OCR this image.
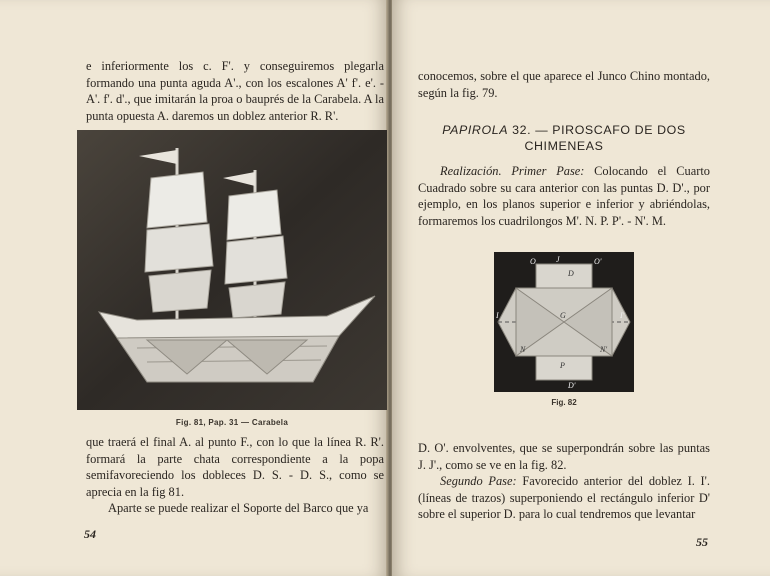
e inferiormente los c. F'. y conseguiremos plegarla formando una punta aguda A'., con los escalones A' f'. e'. - A'. f'. d'., que imitarán la proa o bauprés de la Carabela. A la punta opuesta A. daremos un doblez anterior R. R'.

Fig. 81, Pap. 31 — Carabela

que traerá el final A. al punto F., con lo que la línea R. R'. formará la parte chata correspondiente a la popa semifavoreciendo los dobleces D. S. - D. S., como se aprecia en la fig 81.

Aparte se puede realizar el Soporte del Barco que ya

54

conocemos, sobre el que aparece el Junco Chino montado, según la fig. 79.

PAPIROLA 32. — PIROSCAFO DE DOS CHIMENEAS

Realización. Primer Pase: Colocando el Cuarto Cuadrado sobre su cara anterior con las puntas D. D'., por ejemplo, en los planos superior e inferior y abriéndolas, formaremos los cuadrilongos M'. N. P. P'. - N'. M.

O	J
D
O'
I	G	I'
N
P
N'
D'
Fig. 82

D. O'. envolventes, que se superpondrán sobre las puntas J. J'., como se ve en la fig. 82.

Segundo Pase: Favorecido anterior del doblez I. I'. (líneas de trazos) superponiendo el rectángulo inferior D' sobre el superior D. para lo cual tendremos que levantar

55
